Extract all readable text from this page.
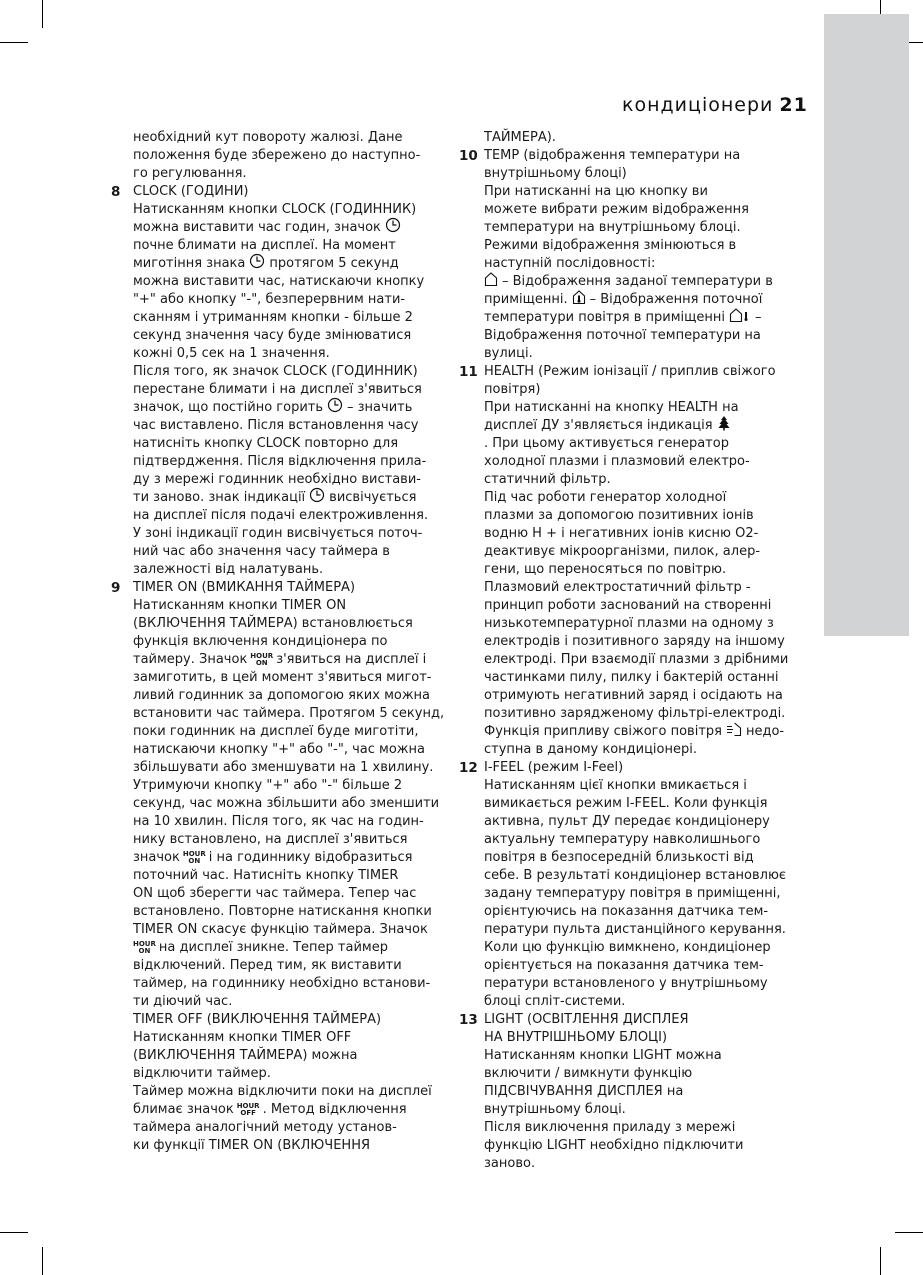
кондиціонери 21
8
9
необхідний кут повороту жалюзі. Дане
положення буде збережено до наступно-
го регулювання.
CLOCK (ГОДИНИ)
Натисканням кнопки CLOCK (ГОДИННИК)
можна виставити час годин, значок
почне блимати на дисплеї. На момент
миготіння знака протягом 5 секунд
можна виставити час, натискаючи кнопку
"+" або кнопку "-", безперервним нати-
сканням і утриманням кнопки - більше 2
секунд значення часу буде змінюватися
кожні 0,5 сек на 1 значення.
Після того, як значок CLOCK (ГОДИННИК)
перестане блимати і на дисплеї з'явиться
значок, що постійно горить – значить
час виставлено. Після встановлення часу
натисніть кнопку CLOCK повторно для
підтвердження. Після відключення прила-
ду з мережі годинник необхідно вистави-
ти заново. знак індикації висвічується
на дисплеї після подачі електроживлення.
У зоні індикації годин висвічується поточ-
ний час або значення часу таймера в
залежності від налатувань.
TIMER ON (ВМИКАННЯ ТАЙМЕРА)
Натисканням кнопки TIMER ON
(ВКЛЮЧЕННЯ ТАЙМЕРА) встановлюється
функція включення кондиціонера по
таймеру. Значок HOUR
ON з'явиться на дисплеї і
замиготить, в цей момент з'явиться мигот-
ливий годинник за допомогою яких можна
встановити час таймера. Протягом 5 секунд,
поки годинник на дисплеї буде миготіти,
натискаючи кнопку "+" або "-", час можна
збільшувати або зменшувати на 1 хвилину.
Утримуючи кнопку "+" або "-" більше 2
секунд, час можна збільшити або зменшити
на 10 хвилин. Після того, як час на годин-
нику встановлено, на дисплеї з'явиться
значок HOUR
ON і на годиннику відобразиться
поточний час. Натисніть кнопку TIMER
ON щоб зберегти час таймера. Тепер час
встановлено. Повторне натискання кнопки
TIMER ON скасує функцію таймера. Значок
HOUR
ON на дисплеї зникне. Тепер таймер
відключений. Перед тим, як виставити
таймер, на годиннику необхідно встанови-
ти діючий час.
TIMER OFF (ВИКЛЮЧЕННЯ ТАЙМЕРА)
Натисканням кнопки TIMER OFF
(ВИКЛЮЧЕННЯ ТАЙМЕРА) можна
відключити таймер.
Таймер можна відключити поки на дисплеї
блимає значок HOUR
OFF . Метод відключення
таймера аналогічний методу установ-
ки функції TIMER ON (ВКЛЮЧЕННЯ
10
11
12
13
ТАЙМЕРА).
TEMP (відображення температури на
внутрішньому блоці)
При натисканні на цю кнопку ви
можете вибрати режим відображення
температури на внутрішньому блоці.
Режими відображення змінюються в
наступній послідовності:
– Відображення заданої температури в
приміщенні. – Відображення поточної
температури повітря в приміщенні –
Відображення поточної температури на
вулиці.
HEALTH (Режим іонізації / приплив свіжого
повітря)
При натисканні на кнопку HEALTH на
дисплеї ДУ з'являється індикація
. При цьому активується генератор
холодної плазми і плазмовий електро-
статичний фільтр.
Під час роботи генератор холодної
плазми за допомогою позитивних іонів
водню H + і негативних іонів кисню O2-
деактивує мікроорганізми, пилок, алер-
гени, що переносяться по повітрю.
Плазмовий електростатичний фільтр -
принцип роботи заснований на створенні
низькотемпературної плазми на одному з
електродів і позитивного заряду на іншому
електроді. При взаємодії плазми з дрібними
частинками пилу, пилку і бактерій останні
отримують негативний заряд і осідають на
позитивно зарядженому фільтрі-електроді.
Функція припливу свіжого повітря недо-
ступна в даному кондиціонері.
I-FEEL (режим I-Feel)
Натисканням цієї кнопки вмикається і
вимикається режим I-FEEL. Коли функція
активна, пульт ДУ передає кондиціонеру
актуальну температуру навколишнього
повітря в безпосередній близькості від
себе. В результаті кондиціонер встановлює
задану температуру повітря в приміщенні,
орієнтуючись на показання датчика тем-
ператури пульта дистанційного керування.
Коли цю функцію вимкнено, кондиціонер
орієнтується на показання датчика тем-
ператури встановленого у внутрішньому
блоці спліт-системи.
LIGHT (ОСВІТЛЕННЯ ДИСПЛЕЯ
НА ВНУТРІШНЬОМУ БЛОЦІ)
Натисканням кнопки LIGHT можна
включити / вимкнути функцію
ПІДСВІЧУВАННЯ ДИСПЛЕЯ на
внутрішньому блоці.
Після виключення приладу з мережі
функцію LIGHT необхідно підключити
заново.
